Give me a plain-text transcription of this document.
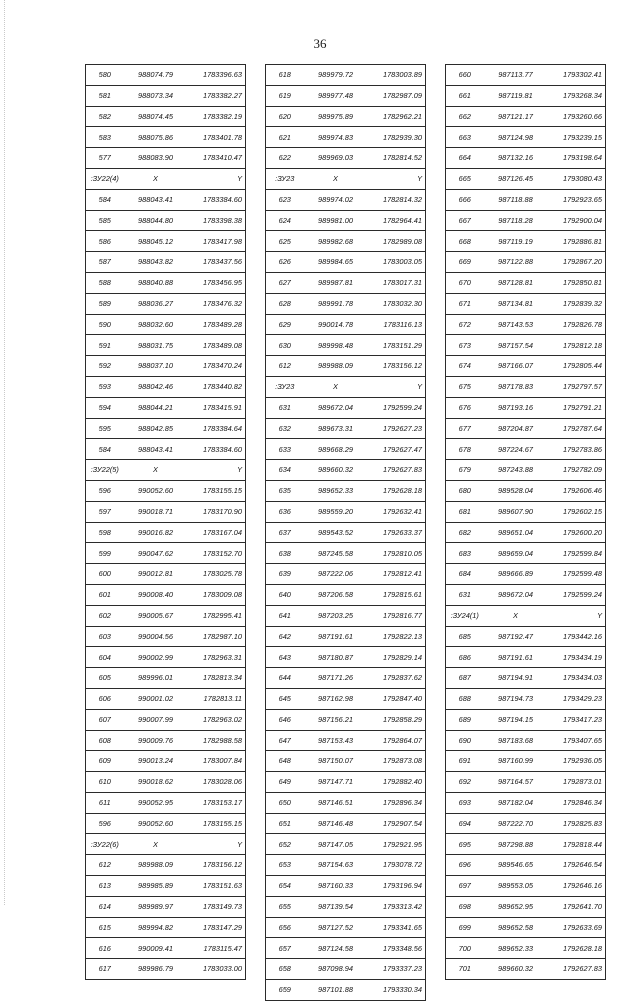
36
580	988074.79	1783396.63
581	988073.34	1783382.27
582	988074.45	1783382.19
583	988075.86	1783401.78
577	988083.90	1783410.47
:ЗУ22(4)	X	Y
584	988043.41	1783384.60
585	988044.80	1783398.38
586	988045.12	1783417.98
587	988043.82	1783437.56
588	988040.88	1783456.95
589	988036.27	1783476.32
590	988032.60	1783489.28
591	988031.75	1783489.08
592	988037.10	1783470.24
593	988042.46	1783440.82
594	988044.21	1783415.91
595	988042.85	1783384.64
584	988043.41	1783384.60
:ЗУ22(5)	X	Y
596	990052.60	1783155.15
597	990018.71	1783170.90
598	990016.82	1783167.04
599	990047.62	1783152.70
600	990012.81	1783025.78
601	990008.40	1783009.08
602	990005.67	1782995.41
603	990004.56	1782987.10
604	990002.99	1782963.31
605	989996.01	1782813.34
606	990001.02	1782813.11
607	990007.99	1782963.02
608	990009.76	1782988.58
609	990013.24	1783007.84
610	990018.62	1783028.06
611	990052.95	1783153.17
596	990052.60	1783155.15
:ЗУ22(6)	X	Y
612	989988.09	1783156.12
613	989985.89	1783151.63
614	989989.97	1783149.73
615	989994.82	1783147.29
616	990009.41	1783115.47
617	989986.79	1783033.00
618	989979.72	1783003.89
619	989977.48	1782987.09
620	989975.89	1782962.21
621	989974.83	1782939.30
622	989969.03	1782814.52
:ЗУ23	X	Y
623	989974.02	1782814.32
624	989981.00	1782964.41
625	989982.68	1782989.08
626	989984.65	1783003.05
627	989987.81	1783017.31
628	989991.78	1783032.30
629	990014.78	1783116.13
630	989998.48	1783151.29
612	989988.09	1783156.12
:ЗУ23	X	Y
631	989672.04	1792599.24
632	989673.31	1792627.23
633	989668.29	1792627.47
634	989660.32	1792627.83
635	989652.33	1792628.18
636	989559.20	1792632.41
637	989543.52	1792633.37
638	987245.58	1792810.05
639	987222.06	1792812.41
640	987206.58	1792815.61
641	987203.25	1792816.77
642	987191.61	1792822.13
643	987180.87	1792829.14
644	987171.26	1792837.62
645	987162.98	1792847.40
646	987156.21	1792858.29
647	987153.43	1792864.07
648	987150.07	1792873.08
649	987147.71	1792882.40
650	987146.51	1792896.34
651	987146.48	1792907.54
652	987147.05	1792921.95
653	987154.63	1793078.72
654	987160.33	1793196.94
655	987139.54	1793313.42
656	987127.52	1793341.65
657	987124.58	1793348.56
658	987098.94	1793337.23
659	987101.88	1793330.34
660	987113.77	1793302.41
661	987119.81	1793268.34
662	987121.17	1793260.66
663	987124.98	1793239.15
664	987132.16	1793198.64
665	987126.45	1793080.43
666	987118.88	1792923.65
667	987118.28	1792900.04
668	987119.19	1792886.81
669	987122.88	1792867.20
670	987128.81	1792850.81
671	987134.81	1792839.32
672	987143.53	1792826.78
673	987157.54	1792812.18
674	987166.07	1792805.44
675	987178.83	1792797.57
676	987193.16	1792791.21
677	987204.87	1792787.64
678	987224.67	1792783.86
679	987243.88	1792782.09
680	989528.04	1792606.46
681	989607.90	1792602.15
682	989651.04	1792600.20
683	989659.04	1792599.84
684	989666.89	1792599.48
631	989672.04	1792599.24
:ЗУ24(1)	X	Y
685	987192.47	1793442.16
686	987191.61	1793434.19
687	987194.91	1793434.03
688	987194.73	1793429.23
689	987194.15	1793417.23
690	987183.68	1793407.65
691	987160.99	1792936.05
692	987164.57	1792873.01
693	987182.04	1792846.34
694	987222.70	1792825.83
695	987298.88	1792818.44
696	989546.65	1792646.54
697	989553.05	1792646.16
698	989652.95	1792641.70
699	989652.58	1792633.69
700	989652.33	1792628.18
701	989660.32	1792627.83
